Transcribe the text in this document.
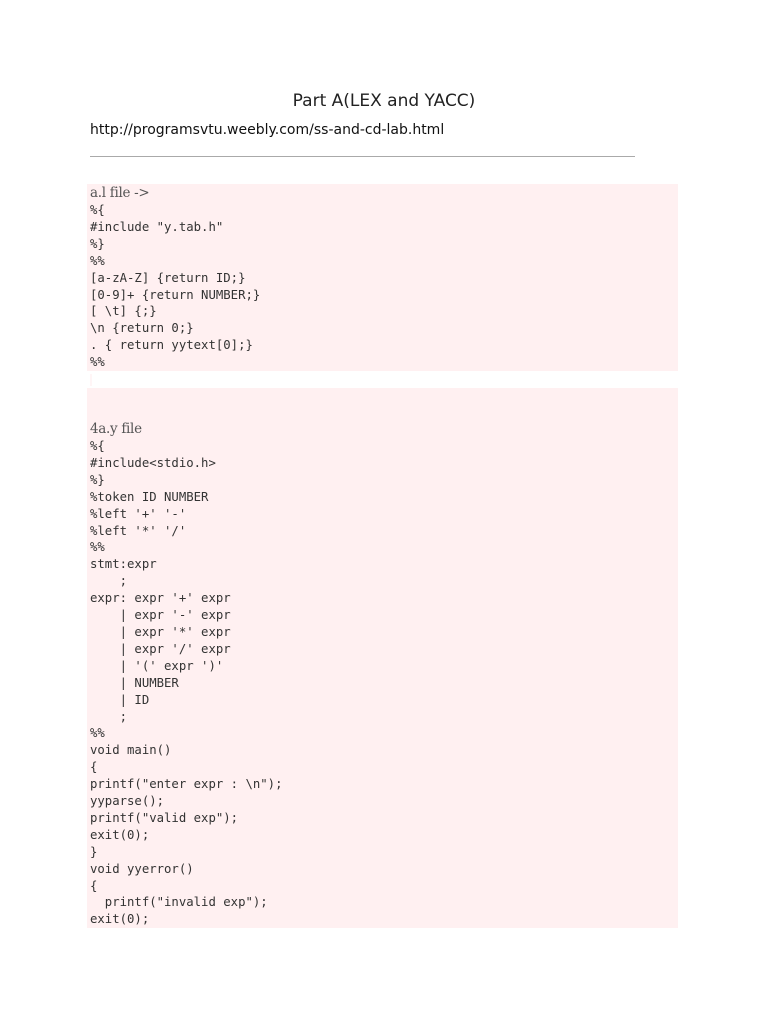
Part A(LEX and YACC)
http://programsvtu.weebly.com/ss-and-cd-lab.html
a.l file ->
%{
#include "y.tab.h"
%}
%%
[a-zA-Z] {return ID;}
[0-9]+ {return NUMBER;}
[ \t] {;}
\n {return 0;}
. { return yytext[0];}
%%
4a.y file
%{
#include<stdio.h>
%}
%token ID NUMBER
%left '+' '-'
%left '*' '/'
%%
stmt:expr
;
expr: expr '+' expr
| expr '-' expr
| expr '*' expr
| expr '/' expr
| '(' expr ')'
| NUMBER
| ID
;
%%
void main()
{
printf("enter expr : \n");
yyparse();
printf("valid exp");
exit(0);
}
void yyerror()
{
printf("invalid exp");
exit(0);
